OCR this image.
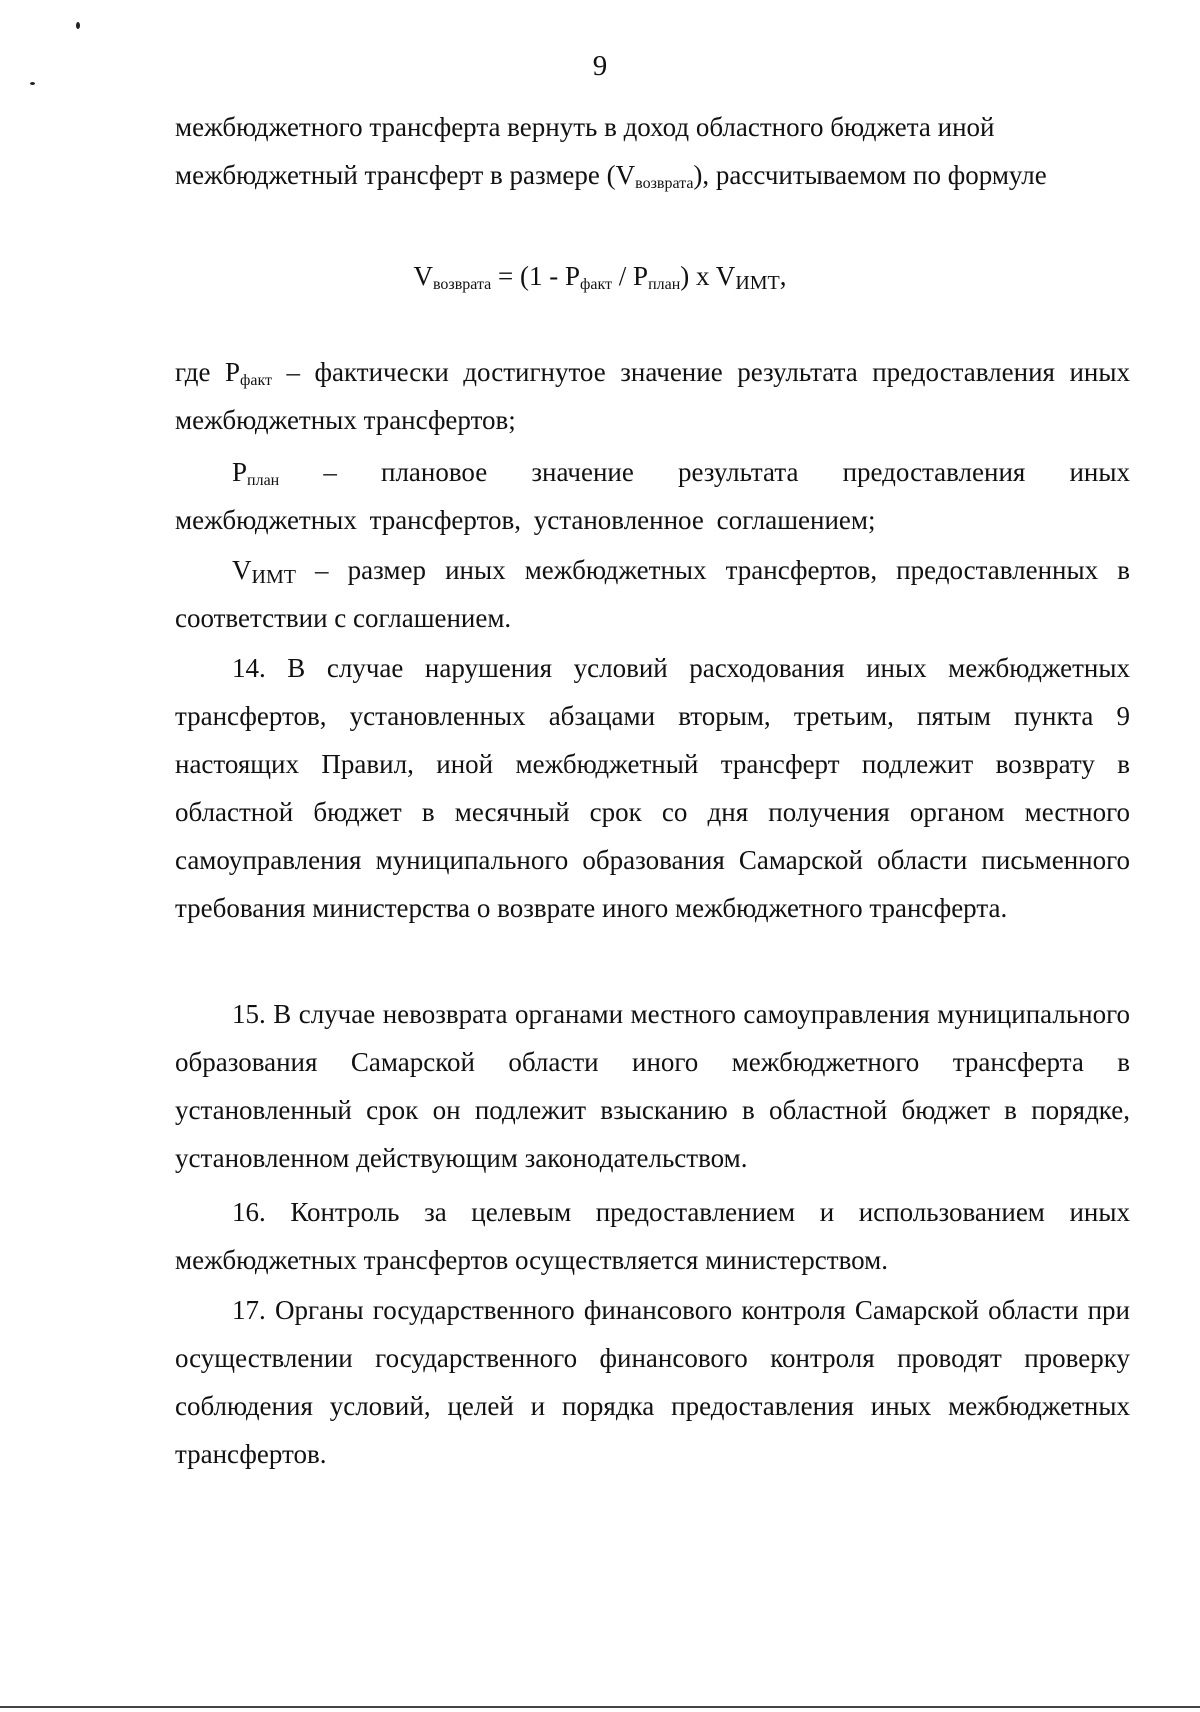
9

межбюджетного трансферта вернуть в доход областного бюджета иной
межбюджетный трансферт в размере $(V_{возврата})$, рассчитываемом по формуле

$V_{возврата} = (1 - P_{факт} / P_{план})$ x $V_{ИМТ}$,

где $P_{факт}$ – фактически достигнутое значение результата предоставления иных межбюджетных трансфертов;

$P_{план}$ – плановое значение результата предоставления иных межбюджетных трансфертов, установленное соглашением;

$V_{ИМТ}$ – размер иных межбюджетных трансфертов, предоставленных в соответствии с соглашением.

14. В случае нарушения условий расходования иных межбюджетных трансфертов, установленных абзацами вторым, третьим, пятым пункта 9 настоящих Правил, иной межбюджетный трансферт подлежит возврату в областной бюджет в месячный срок со дня получения органом местного самоуправления муниципального образования Самарской области письменного требования министерства о возврате иного межбюджетного трансферта.

15. В случае невозврата органами местного самоуправления муниципального образования Самарской области иного межбюджетного трансферта в установленный срок он подлежит взысканию в областной бюджет в порядке, установленном действующим законодательством.

16. Контроль за целевым предоставлением и использованием иных межбюджетных трансфертов осуществляется министерством.

17. Органы государственного финансового контроля Самарской области при осуществлении государственного финансового контроля проводят проверку соблюдения условий, целей и порядка предоставления иных межбюджетных трансфертов.
